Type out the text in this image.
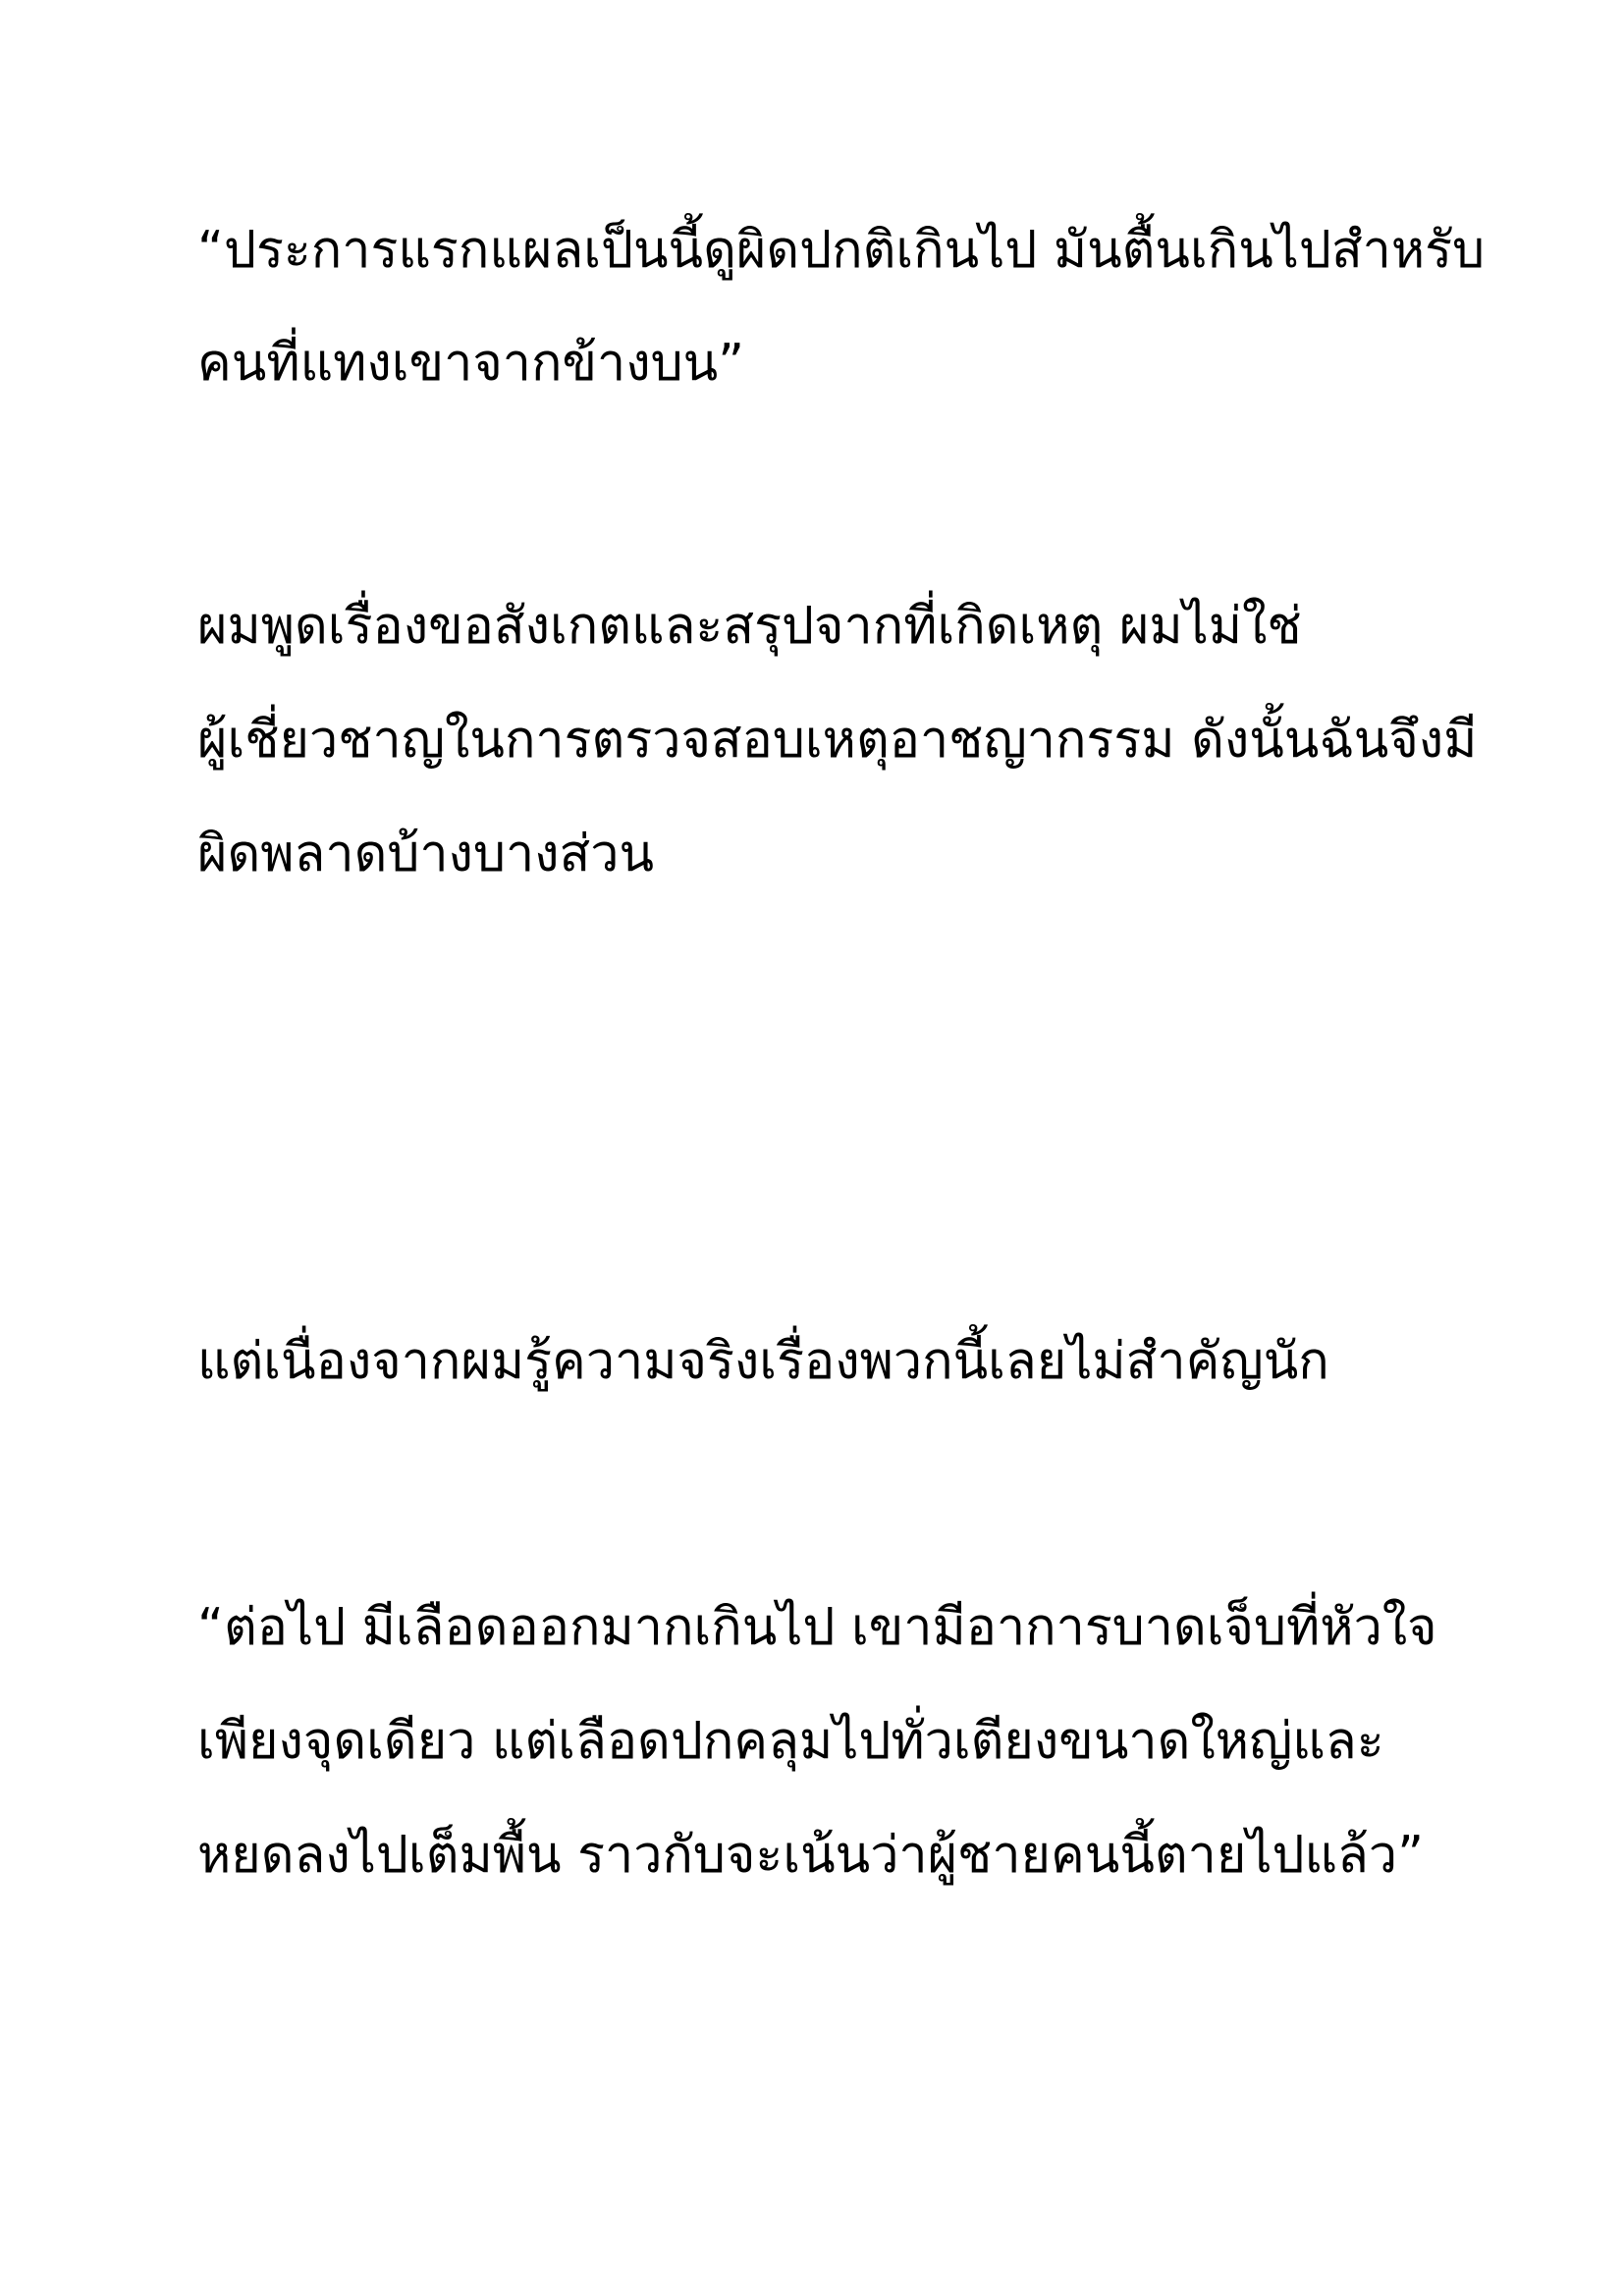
“ประการแรกแผลเป็นนี้ดูผิดปกติเกินไป มันตื้นเกินไปสำหรับ
คนที่แทงเขาจากข้างบน”
ผมพูดเรื่องขอสังเกตและสรุปจากที่เกิดเหตุ ผมไม่ใช่
ผู้เชี่ยวชาญในการตรวจสอบเหตุอาชญากรรม ดังนั้นฉันจึงมี
ผิดพลาดบ้างบางส่วน
แต่เนื่องจากผมรู้ความจริงเรื่องพวกนี้เลยไม่สำคัญนัก
“ต่อไป มีเลือดออกมากเกินไป เขามีอาการบาดเจ็บที่หัวใจ
เพียงจุดเดียว แต่เลือดปกคลุมไปทั่วเตียงขนาดใหญ่และ
หยดลงไปเต็มพื้น ราวกับจะเน้นว่าผู้ชายคนนี้ตายไปแล้ว”
